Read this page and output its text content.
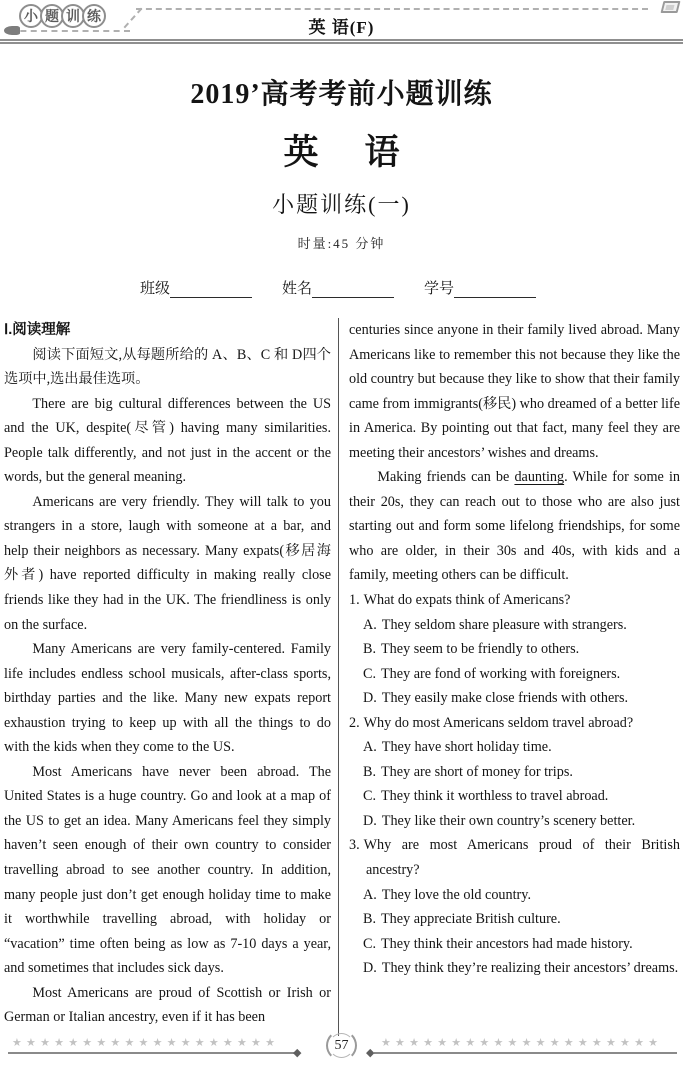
小 题 训 练
英 语(F)
2019’高考考前小题训练
英 语
小题训练(一)
时量:45 分钟
班级	姓名	学号
Ⅰ.阅读理解
阅读下面短文,从每题所给的 A、B、C 和 D四个选项中,选出最佳选项。
There are big cultural differences between the US and the UK, despite(尽管) having many similarities. People talk differently, and not just in the accent or the words, but the general meaning.
Americans are very friendly. They will talk to you strangers in a store, laugh with someone at a bar, and help their neighbors as necessary. Many expats(移居海外者) have reported difficulty in making really close friends like they had in the UK. The friendliness is only on the surface.
Many Americans are very family-centered. Family life includes endless school musicals, after-class sports, birthday parties and the like. Many new expats report exhaustion trying to keep up with all the things to do with the kids when they come to the US.
Most Americans have never been abroad. The United States is a huge country. Go and look at a map of the US to get an idea. Many Americans feel they simply haven’t seen enough of their own country to consider travelling abroad to see another country. In addition, many people just don’t get enough holiday time to make it worthwhile travelling abroad, with holiday or “vacation” time often being as low as 7-10 days a year, and sometimes that includes sick days.
Most Americans are proud of Scottish or Irish or German or Italian ancestry, even if it has been
centuries since anyone in their family lived abroad. Many Americans like to remember this not because they like the old country but because they like to show that their family came from immigrants(移民) who dreamed of a better life in America. By pointing out that fact, many feel they are meeting their ancestors’ wishes and dreams.
Making friends can be daunting. While for some in their 20s, they can reach out to those who are also just starting out and form some lifelong friendships, for some who are older, in their 30s and 40s, with kids and a family, meeting others can be difficult.
1. What do expats think of Americans?
A. They seldom share pleasure with strangers.
B. They seem to be friendly to others.
C. They are fond of working with foreigners.
D. They easily make close friends with others.
2. Why do most Americans seldom travel abroad?
A. They have short holiday time.
B. They are short of money for trips.
C. They think it worthless to travel abroad.
D. They like their own country’s scenery better.
3. Why are most Americans proud of their British ancestry?
A. They love the old country.
B. They appreciate British culture.
C. They think their ancestors had made history.
D. They think they’re realizing their ancestors’ dreams.
★★★★★★★★★★★★★★★★★★★	★★★★★★★★★★★★★★★★★★★★
◆	◆
57
